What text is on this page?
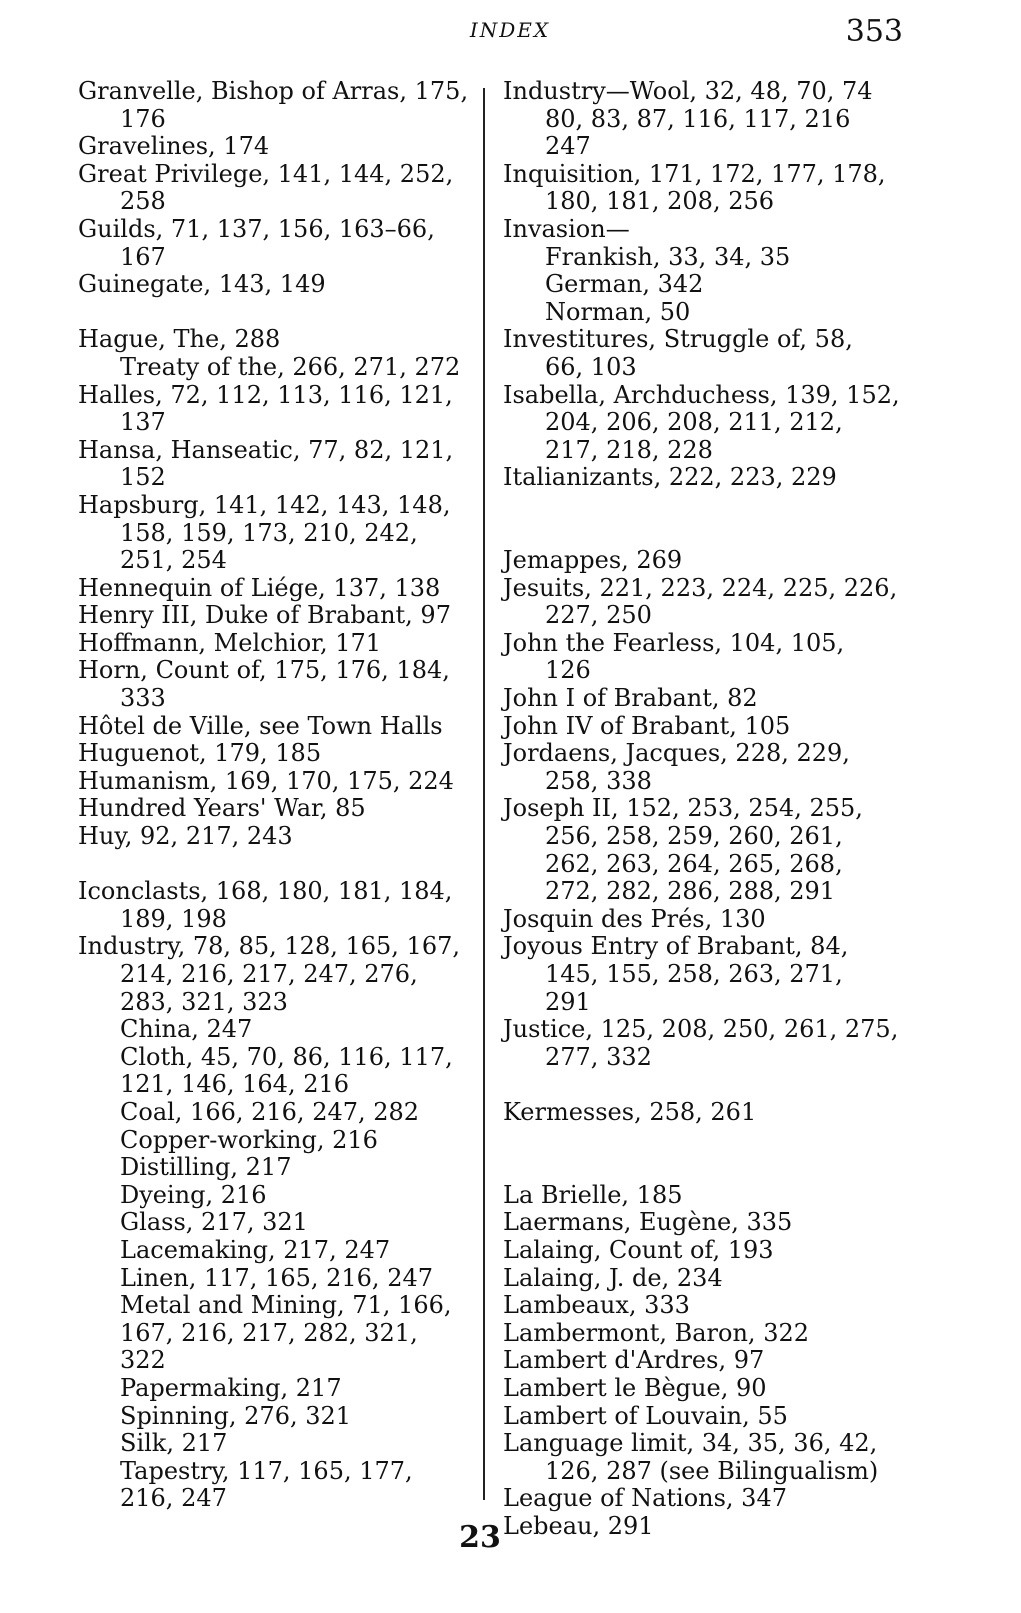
INDEX	353
Granvelle, Bishop of Arras, 175,
176
Gravelines, 174
Great Privilege, 141, 144, 252,
258
Guilds, 71, 137, 156, 163–66,
167
Guinegate, 143, 149
Hague, The, 288
Treaty of the, 266, 271, 272
Halles, 72, 112, 113, 116, 121,
137
Hansa, Hanseatic, 77, 82, 121,
152
Hapsburg, 141, 142, 143, 148,
158, 159, 173, 210, 242,
251, 254
Hennequin of Liége, 137, 138
Henry III, Duke of Brabant, 97
Hoffmann, Melchior, 171
Horn, Count of, 175, 176, 184,
333
Hôtel de Ville, see Town Halls
Huguenot, 179, 185
Humanism, 169, 170, 175, 224
Hundred Years' War, 85
Huy, 92, 217, 243
Iconclasts, 168, 180, 181, 184,
189, 198
Industry, 78, 85, 128, 165, 167,
214, 216, 217, 247, 276,
283, 321, 323
China, 247
Cloth, 45, 70, 86, 116, 117,
121, 146, 164, 216
Coal, 166, 216, 247, 282
Copper-working, 216
Distilling, 217
Dyeing, 216
Glass, 217, 321
Lacemaking, 217, 247
Linen, 117, 165, 216, 247
Metal and Mining, 71, 166,
167, 216, 217, 282, 321,
322
Papermaking, 217
Spinning, 276, 321
Silk, 217
Tapestry, 117, 165, 177,
216, 247
Industry—Wool, 32, 48, 70, 74
80, 83, 87, 116, 117, 216
247
Inquisition, 171, 172, 177, 178,
180, 181, 208, 256
Invasion—
Frankish, 33, 34, 35
German, 342
Norman, 50
Investitures, Struggle of, 58,
66, 103
Isabella, Archduchess, 139, 152,
204, 206, 208, 211, 212,
217, 218, 228
Italianizants, 222, 223, 229
Jemappes, 269
Jesuits, 221, 223, 224, 225, 226,
227, 250
John the Fearless, 104, 105,
126
John I of Brabant, 82
John IV of Brabant, 105
Jordaens, Jacques, 228, 229,
258, 338
Joseph II, 152, 253, 254, 255,
256, 258, 259, 260, 261,
262, 263, 264, 265, 268,
272, 282, 286, 288, 291
Josquin des Prés, 130
Joyous Entry of Brabant, 84,
145, 155, 258, 263, 271,
291
Justice, 125, 208, 250, 261, 275,
277, 332
Kermesses, 258, 261
La Brielle, 185
Laermans, Eugène, 335
Lalaing, Count of, 193
Lalaing, J. de, 234
Lambeaux, 333
Lambermont, Baron, 322
Lambert d'Ardres, 97
Lambert le Bègue, 90
Lambert of Louvain, 55
Language limit, 34, 35, 36, 42,
126, 287 (see Bilingualism)
League of Nations, 347
Lebeau, 291
23
